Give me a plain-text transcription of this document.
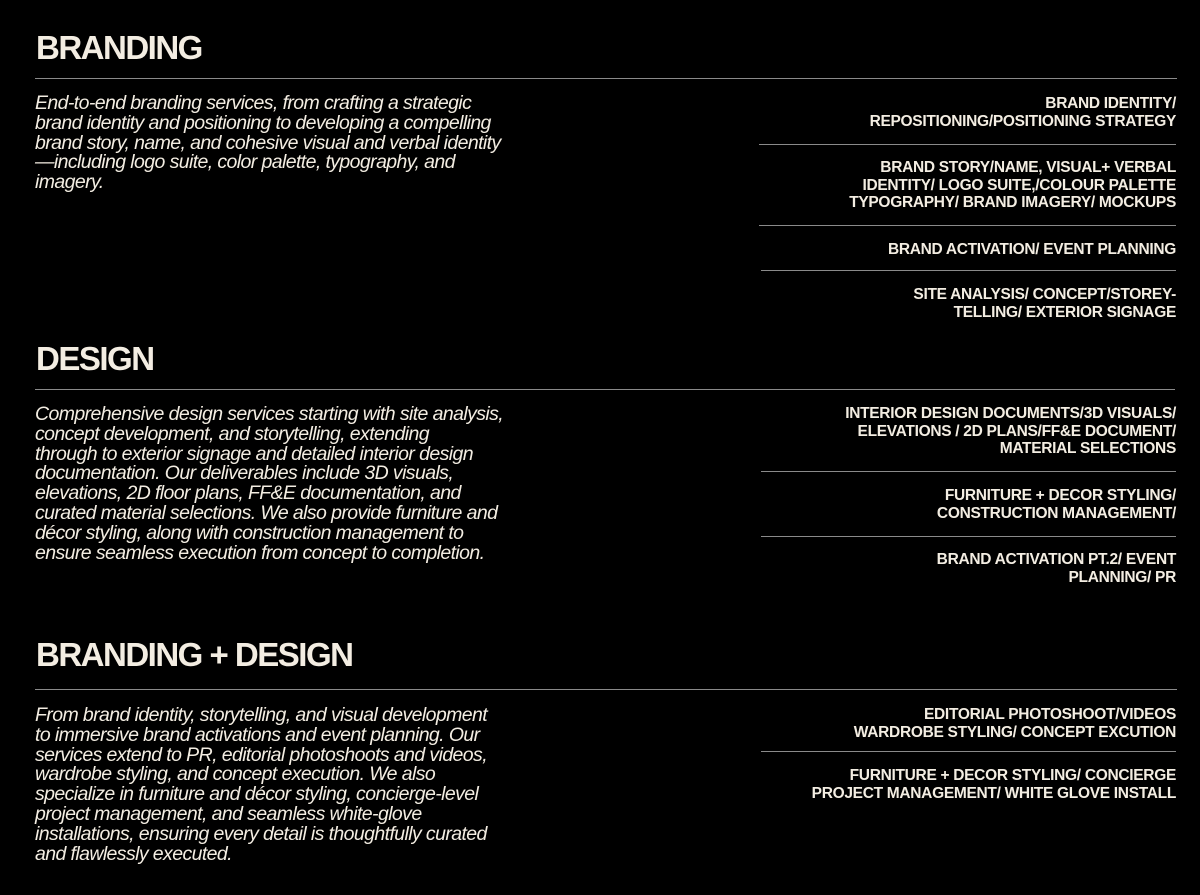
BRANDING

End-to-end branding services, from crafting a strategic
brand identity and positioning to developing a compelling
brand story, name, and cohesive visual and verbal identity
—including logo suite, color palette, typography, and
imagery.

BRAND IDENTITY/
REPOSITIONING/POSITIONING STRATEGY
BRAND STORY/NAME, VISUAL+ VERBAL
IDENTITY/ LOGO SUITE,/COLOUR PALETTE
TYPOGRAPHY/ BRAND IMAGERY/ MOCKUPS
BRAND ACTIVATION/ EVENT PLANNING
SITE ANALYSIS/ CONCEPT/STOREY-
TELLING/ EXTERIOR SIGNAGE
DESIGN

Comprehensive design services starting with site analysis,
concept development, and storytelling, extending
through to exterior signage and detailed interior design
documentation. Our deliverables include 3D visuals,
elevations, 2D floor plans, FF&E documentation, and
curated material selections. We also provide furniture and
décor styling, along with construction management to
ensure seamless execution from concept to completion.

INTERIOR DESIGN DOCUMENTS/3D VISUALS/
ELEVATIONS / 2D PLANS/FF&E DOCUMENT/
MATERIAL SELECTIONS
FURNITURE + DECOR STYLING/
CONSTRUCTION MANAGEMENT/
BRAND ACTIVATION PT.2/ EVENT
PLANNING/ PR
BRANDING + DESIGN

From brand identity, storytelling, and visual development
to immersive brand activations and event planning. Our
services extend to PR, editorial photoshoots and videos,
wardrobe styling, and concept execution. We also
specialize in furniture and décor styling, concierge-level
project management, and seamless white-glove
installations, ensuring every detail is thoughtfully curated
and flawlessly executed.

EDITORIAL PHOTOSHOOT/VIDEOS
WARDROBE STYLING/ CONCEPT EXCUTION
FURNITURE + DECOR STYLING/ CONCIERGE
PROJECT MANAGEMENT/ WHITE GLOVE INSTALL
